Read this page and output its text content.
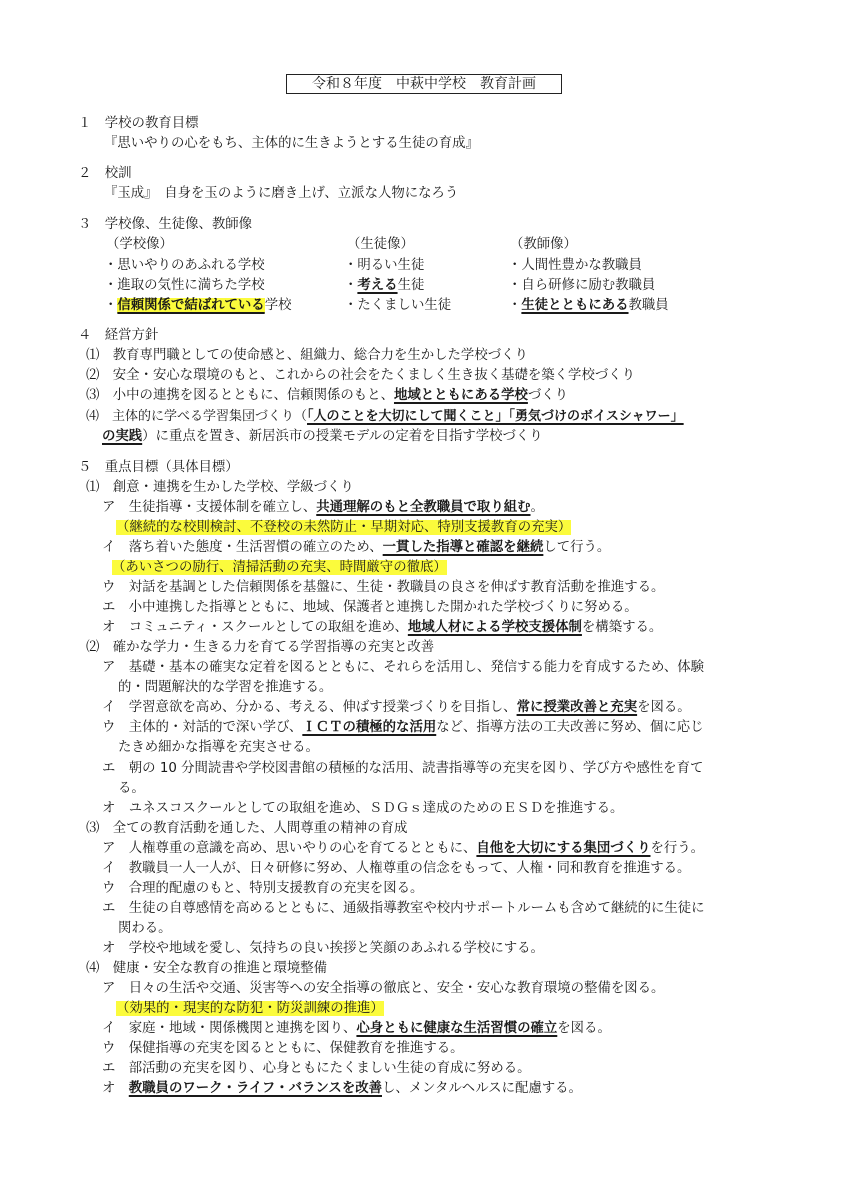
令和８年度　中萩中学校　教育計画
１　学校の教育目標
『思いやりの心をもち、主体的に生きようとする生徒の育成』
２　校訓
『玉成』　自身を玉のように磨き上げ、立派な人物になろう
３　学校像、生徒像、教師像
（学校像）
・思いやりのあふれる学校
・進取の気性に満ちた学校
・信頼関係で結ばれている学校
（生徒像）
・明るい生徒
・考える生徒
・たくましい生徒
（教師像）
・人間性豊かな教職員
・自ら研修に励む教職員
・生徒とともにある教職員
４　経営方針
⑴　教育専門職としての使命感と、組織力、総合力を生かした学校づくり
⑵　安全・安心な環境のもと、これからの社会をたくましく生き抜く基礎を築く学校づくり
⑶　小中の連携を図るとともに、信頼関係のもと、地域とともにある学校づくり
⑷　主体的に学べる学習集団づくり（「人のことを大切にして聞くこと」「勇気づけのボイスシャワー」
の実践）に重点を置き、新居浜市の授業モデルの定着を目指す学校づくり
５　重点目標（具体目標）
⑴　創意・連携を生かした学校、学級づくり
ア　生徒指導・支援体制を確立し、共通理解のもと全教職員で取り組む。
（継続的な校則検討、不登校の未然防止・早期対応、特別支援教育の充実）
イ　落ち着いた態度・生活習慣の確立のため、一貫した指導と確認を継続して行う。
（あいさつの励行、清掃活動の充実、時間厳守の徹底）
ウ　対話を基調とした信頼関係を基盤に、生徒・教職員の良さを伸ばす教育活動を推進する。
エ　小中連携した指導とともに、地域、保護者と連携した開かれた学校づくりに努める。
オ　コミュニティ・スクールとしての取組を進め、地域人材による学校支援体制を構築する。
⑵　確かな学力・生きる力を育てる学習指導の充実と改善
ア　基礎・基本の確実な定着を図るとともに、それらを活用し、発信する能力を育成するため、体験
的・問題解決的な学習を推進する。
イ　学習意欲を高め、分かる、考える、伸ばす授業づくりを目指し、常に授業改善と充実を図る。
ウ　主体的・対話的で深い学び、ＩＣＴの積極的な活用など、指導方法の工夫改善に努め、個に応じ
たきめ細かな指導を充実させる。
エ　朝の 10 分間読書や学校図書館の積極的な活用、読書指導等の充実を図り、学び方や感性を育て
る。
オ　ユネスコスクールとしての取組を進め、ＳＤＧｓ達成のためのＥＳＤを推進する。
⑶　全ての教育活動を通した、人間尊重の精神の育成
ア　人権尊重の意識を高め、思いやりの心を育てるとともに、自他を大切にする集団づくりを行う。
イ　教職員一人一人が、日々研修に努め、人権尊重の信念をもって、人権・同和教育を推進する。
ウ　合理的配慮のもと、特別支援教育の充実を図る。
エ　生徒の自尊感情を高めるとともに、通級指導教室や校内サポートルームも含めて継続的に生徒に
関わる。
オ　学校や地域を愛し、気持ちの良い挨拶と笑顔のあふれる学校にする。
⑷　健康・安全な教育の推進と環境整備
ア　日々の生活や交通、災害等への安全指導の徹底と、安全・安心な教育環境の整備を図る。
（効果的・現実的な防犯・防災訓練の推進）
イ　家庭・地域・関係機関と連携を図り、心身ともに健康な生活習慣の確立を図る。
ウ　保健指導の充実を図るとともに、保健教育を推進する。
エ　部活動の充実を図り、心身ともにたくましい生徒の育成に努める。
オ　教職員のワーク・ライフ・バランスを改善し、メンタルヘルスに配慮する。
